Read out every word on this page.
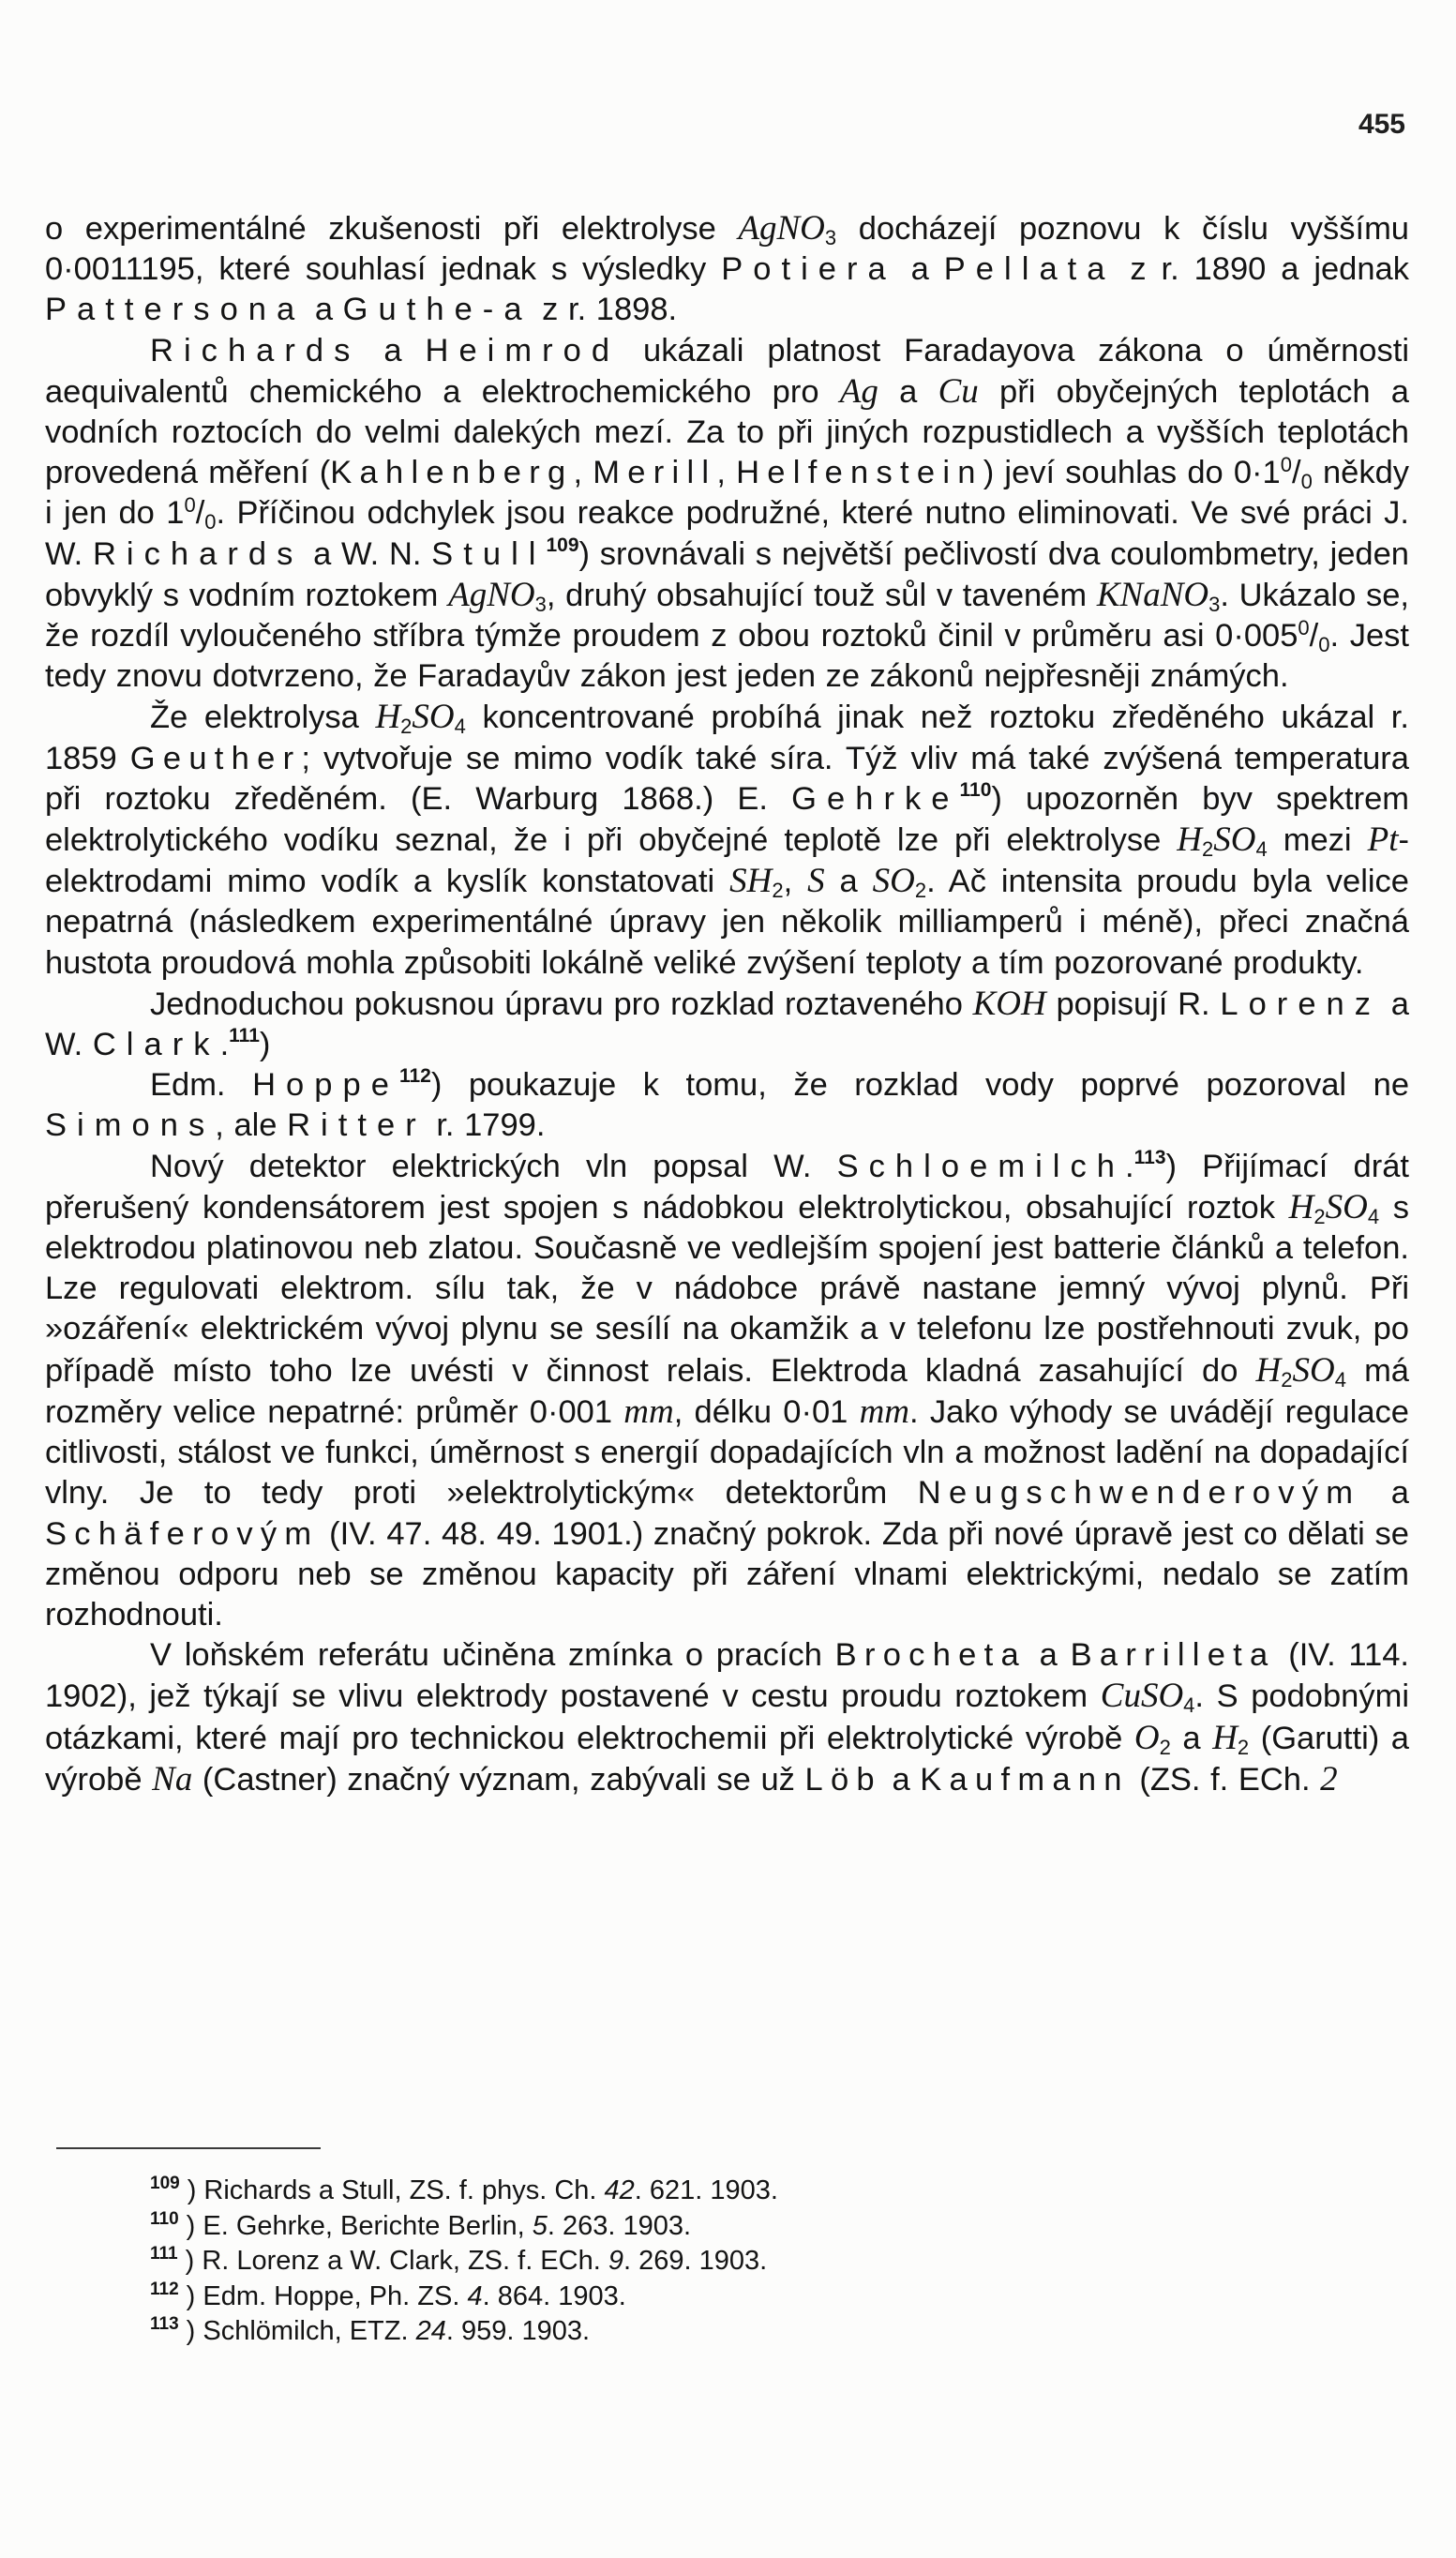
455

o experimentálné zkušenosti při elektrolyse AgNO$_3$ docházejí poznovu k číslu vyššímu 0·0011195, které souhlasí jednak s výsledky Potiera a Pellata z r. 1890 a jednak Pattersona a Guthe-a z r. 1898.

Richards a Heimrod ukázali platnost Faradayova zákona o úměrnosti aequivalentů chemického a elektrochemického pro Ag a Cu při obyčejných teplotách a vodních roztocích do velmi dalekých mezí. Za to při jiných rozpustidlech a vyšších teplotách provedená měření (Kahlenberg, Merill, Helfenstein) jeví souhlas do $0\cdot 1^0/_0$ někdy i jen do $1^0/_0$. Příčinou odchylek jsou reakce podružné, které nutno eliminovati. Ve své práci J. W. Richards a W. N. Stull$^{109}$) srovnávali s největší pečlivostí dva coulombmetry, jeden obvyklý s vodním roztokem AgNO$_3$, druhý obsahující touž sůl v taveném KNaNO$_3$. Ukázalo se, že rozdíl vyloučeného stříbra týmže proudem z obou roztoků činil v průměru asi $0\cdot 005^0/_0$. Jest tedy znovu dotvrzeno, že Faradayův zákon jest jeden ze zákonů nejpřesněji známých.

Že elektrolysa $H_2SO_4$ koncentrované probíhá jinak než roztoku zředěného ukázal r. 1859 Geuther; vytvořuje se mimo vodík také síra. Týž vliv má také zvýšená temperatura při roztoku zředěném. (E. Warburg 1868.) E. Gehrke$^{110}$) upozorněn byv spektrem elektrolytického vodíku seznal, že i při obyčejné teplotě lze při elektrolyse $H_2SO_4$ mezi Pt-elektrodami mimo vodík a kyslík konstatovati $SH_2$, S a $SO_2$. Ač intensita proudu byla velice nepatrná (následkem experimentálné úpravy jen několik milliamperů i méně), přeci značná hustota proudová mohla způsobiti lokálně veliké zvýšení teploty a tím pozorované produkty.

Jednoduchou pokusnou úpravu pro rozklad roztaveného KOH popisují R. Lorenz a W. Clark.$^{111}$)

Edm. Hoppe$^{112}$) poukazuje k tomu, že rozklad vody poprvé pozoroval ne Simons, ale Ritter r. 1799.

Nový detektor elektrických vln popsal W. Schloemilch.$^{113}$) Přijímací drát přerušený kondensátorem jest spojen s nádobkou elektrolytickou, obsahující roztok $H_2SO_4$ s elektrodou platinovou neb zlatou. Současně ve vedlejším spojení jest batterie článků a telefon. Lze regulovati elektrom. sílu tak, že v nádobce právě nastane jemný vývoj plynů. Při »ozáření« elektrickém vývoj plynu se sesílí na okamžik a v telefonu lze postřehnouti zvuk, po případě místo toho lze uvésti v činnost relais. Elektroda kladná zasahující do $H_2SO_4$ má rozměry velice nepatrné: průměr 0·001 mm, délku 0·01 mm. Jako výhody se uvádějí regulace citlivosti, stálost ve funkci, úměrnost s energií dopadajících vln a možnost ladění na dopadající vlny. Je to tedy proti »elektrolytickým« detektorům Neugschwenderovým a Schäferovým (IV. 47. 48. 49. 1901.) značný pokrok. Zda při nové úpravě jest co dělati se změnou odporu neb se změnou kapacity při záření vlnami elektrickými, nedalo se zatím rozhodnouti.

V loňském referátu učiněna zmínka o pracích Brocheta a Barrilleta (IV. 114. 1902), jež týkají se vlivu elektrody postavené v cestu proudu roztokem CuSO$_4$. S podobnými otázkami, které mají pro technickou elektrochemii při elektrolytické výrobě $O_2$ a $H_2$ (Garutti) a výrobě Na (Castner) značný význam, zabývali se už Löb a Kaufmann (ZS. f. ECh. 2

$^{109}$ ) Richards a Stull, ZS. f. phys. Ch. 42. 621. 1903.
$^{110}$ ) E. Gehrke, Berichte Berlin, 5. 263. 1903.
$^{111}$ ) R. Lorenz a W. Clark, ZS. f. ECh. 9. 269. 1903.
$^{112}$ ) Edm. Hoppe, Ph. ZS. 4. 864. 1903.
$^{113}$ ) Schlömilch, ETZ. 24. 959. 1903.
